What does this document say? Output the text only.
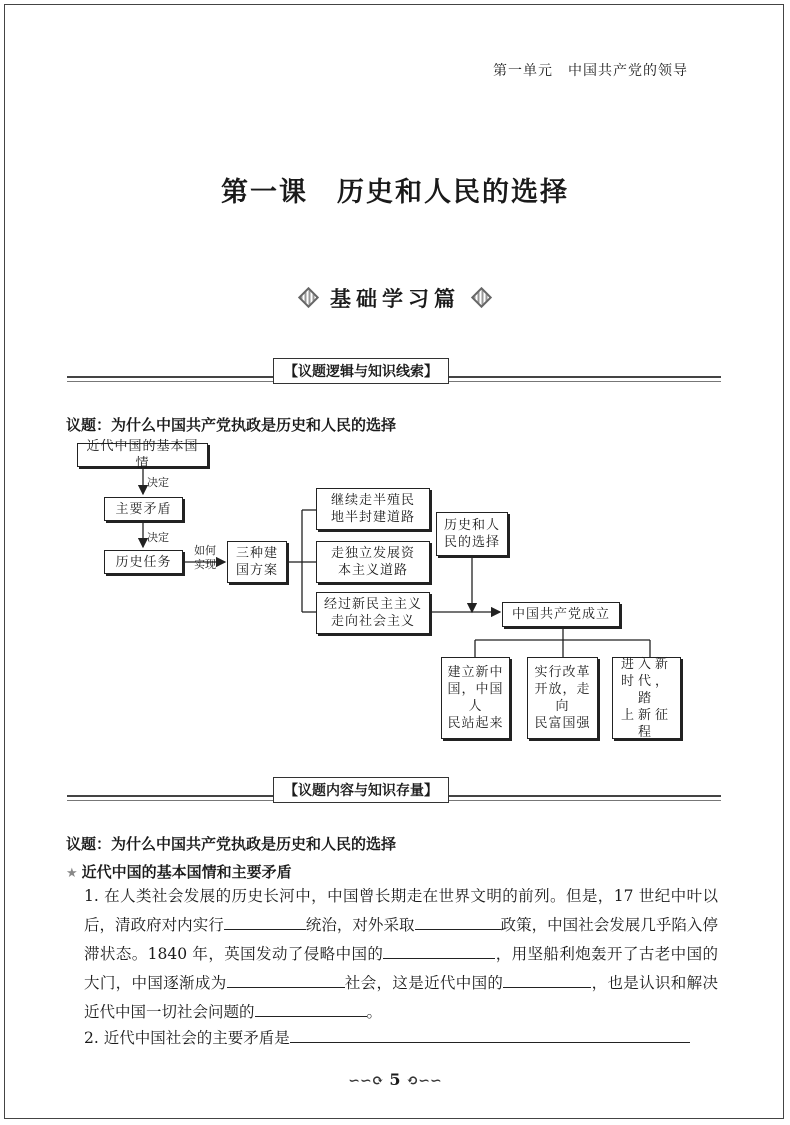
第一单元　中国共产党的领导
第一课　历史和人民的选择
基础学习篇
【议题逻辑与知识线索】
议题：为什么中国共产党执政是历史和人民的选择
近代中国的基本国情
决定
主要矛盾
决定
历史任务
如何
实现
三种建
国方案
继续走半殖民
地半封建道路
走独立发展资
本主义道路
经过新民主主义
走向社会主义
历史和人
民的选择
中国共产党成立
建立新中
国，中国人
民站起来
实行改革
开放，走向
民富国强
进入新
时代，踏
上新征
程
【议题内容与知识存量】
议题：为什么中国共产党执政是历史和人民的选择
★ 近代中国的基本国情和主要矛盾
1. 在人类社会发展的历史长河中，中国曾长期走在世界文明的前列。但是，17 世纪中叶以后，清政府对内实行	统治，对外采取	政策，中国社会发展几乎陷入停滞状态。1840 年，英国发动了侵略中国的	，用坚船利炮轰开了古老中国的大门，中国逐渐成为	社会，这是近代中国的	，也是认识和解决近代中国一切社会问题的	。
2. 近代中国社会的主要矛盾是
∽∽⟳ 5 ⟲∽∽
